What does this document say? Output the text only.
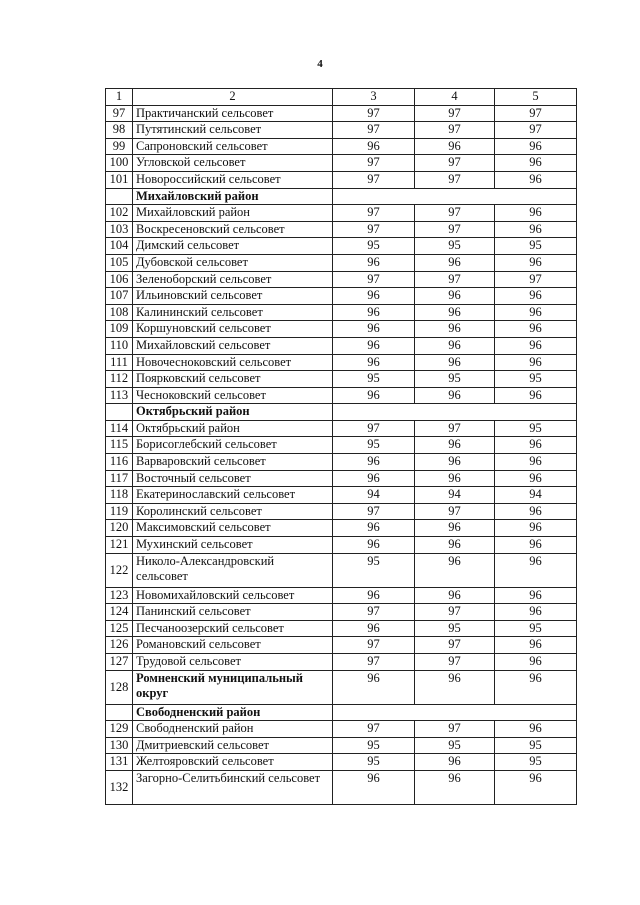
4
1	2	3	4	5
97	Практичанский сельсовет	97	97	97
98	Путятинский сельсовет	97	97	97
99	Сапроновский сельсовет	96	96	96
100	Угловской сельсовет	97	97	96
101	Новороссийский сельсовет	97	97	96
	Михайловский район			
102	Михайловский район	97	97	96
103	Воскресеновский сельсовет	97	97	96
104	Димский сельсовет	95	95	95
105	Дубовской сельсовет	96	96	96
106	Зеленоборский сельсовет	97	97	97
107	Ильиновский сельсовет	96	96	96
108	Калининский сельсовет	96	96	96
109	Коршуновский сельсовет	96	96	96
110	Михайловский сельсовет	96	96	96
111	Новочесноковский сельсовет	96	96	96
112	Поярковский сельсовет	95	95	95
113	Чесноковский сельсовет	96	96	96
	Октябрьский район			
114	Октябрьский район	97	97	95
115	Борисоглебский сельсовет	95	96	96
116	Варваровский сельсовет	96	96	96
117	Восточный сельсовет	96	96	96
118	Екатеринославский сельсовет	94	94	94
119	Королинский сельсовет	97	97	96
120	Максимовский сельсовет	96	96	96
121	Мухинский сельсовет	96	96	96
122	Николо-Александровский сельсовет	95	96	96
123	Новомихайловский сельсовет	96	96	96
124	Панинский сельсовет	97	97	96
125	Песчаноозерский сельсовет	96	95	95
126	Романовский сельсовет	97	97	96
127	Трудовой сельсовет	97	97	96
128	Ромненский муниципальный округ	96	96	96
	Свободненский район			
129	Свободненский район	97	97	96
130	Дмитриевский сельсовет	95	95	95
131	Желтояровский сельсовет	95	96	95
132	Загорно-Селитьбинский сельсовет	96	96	96
